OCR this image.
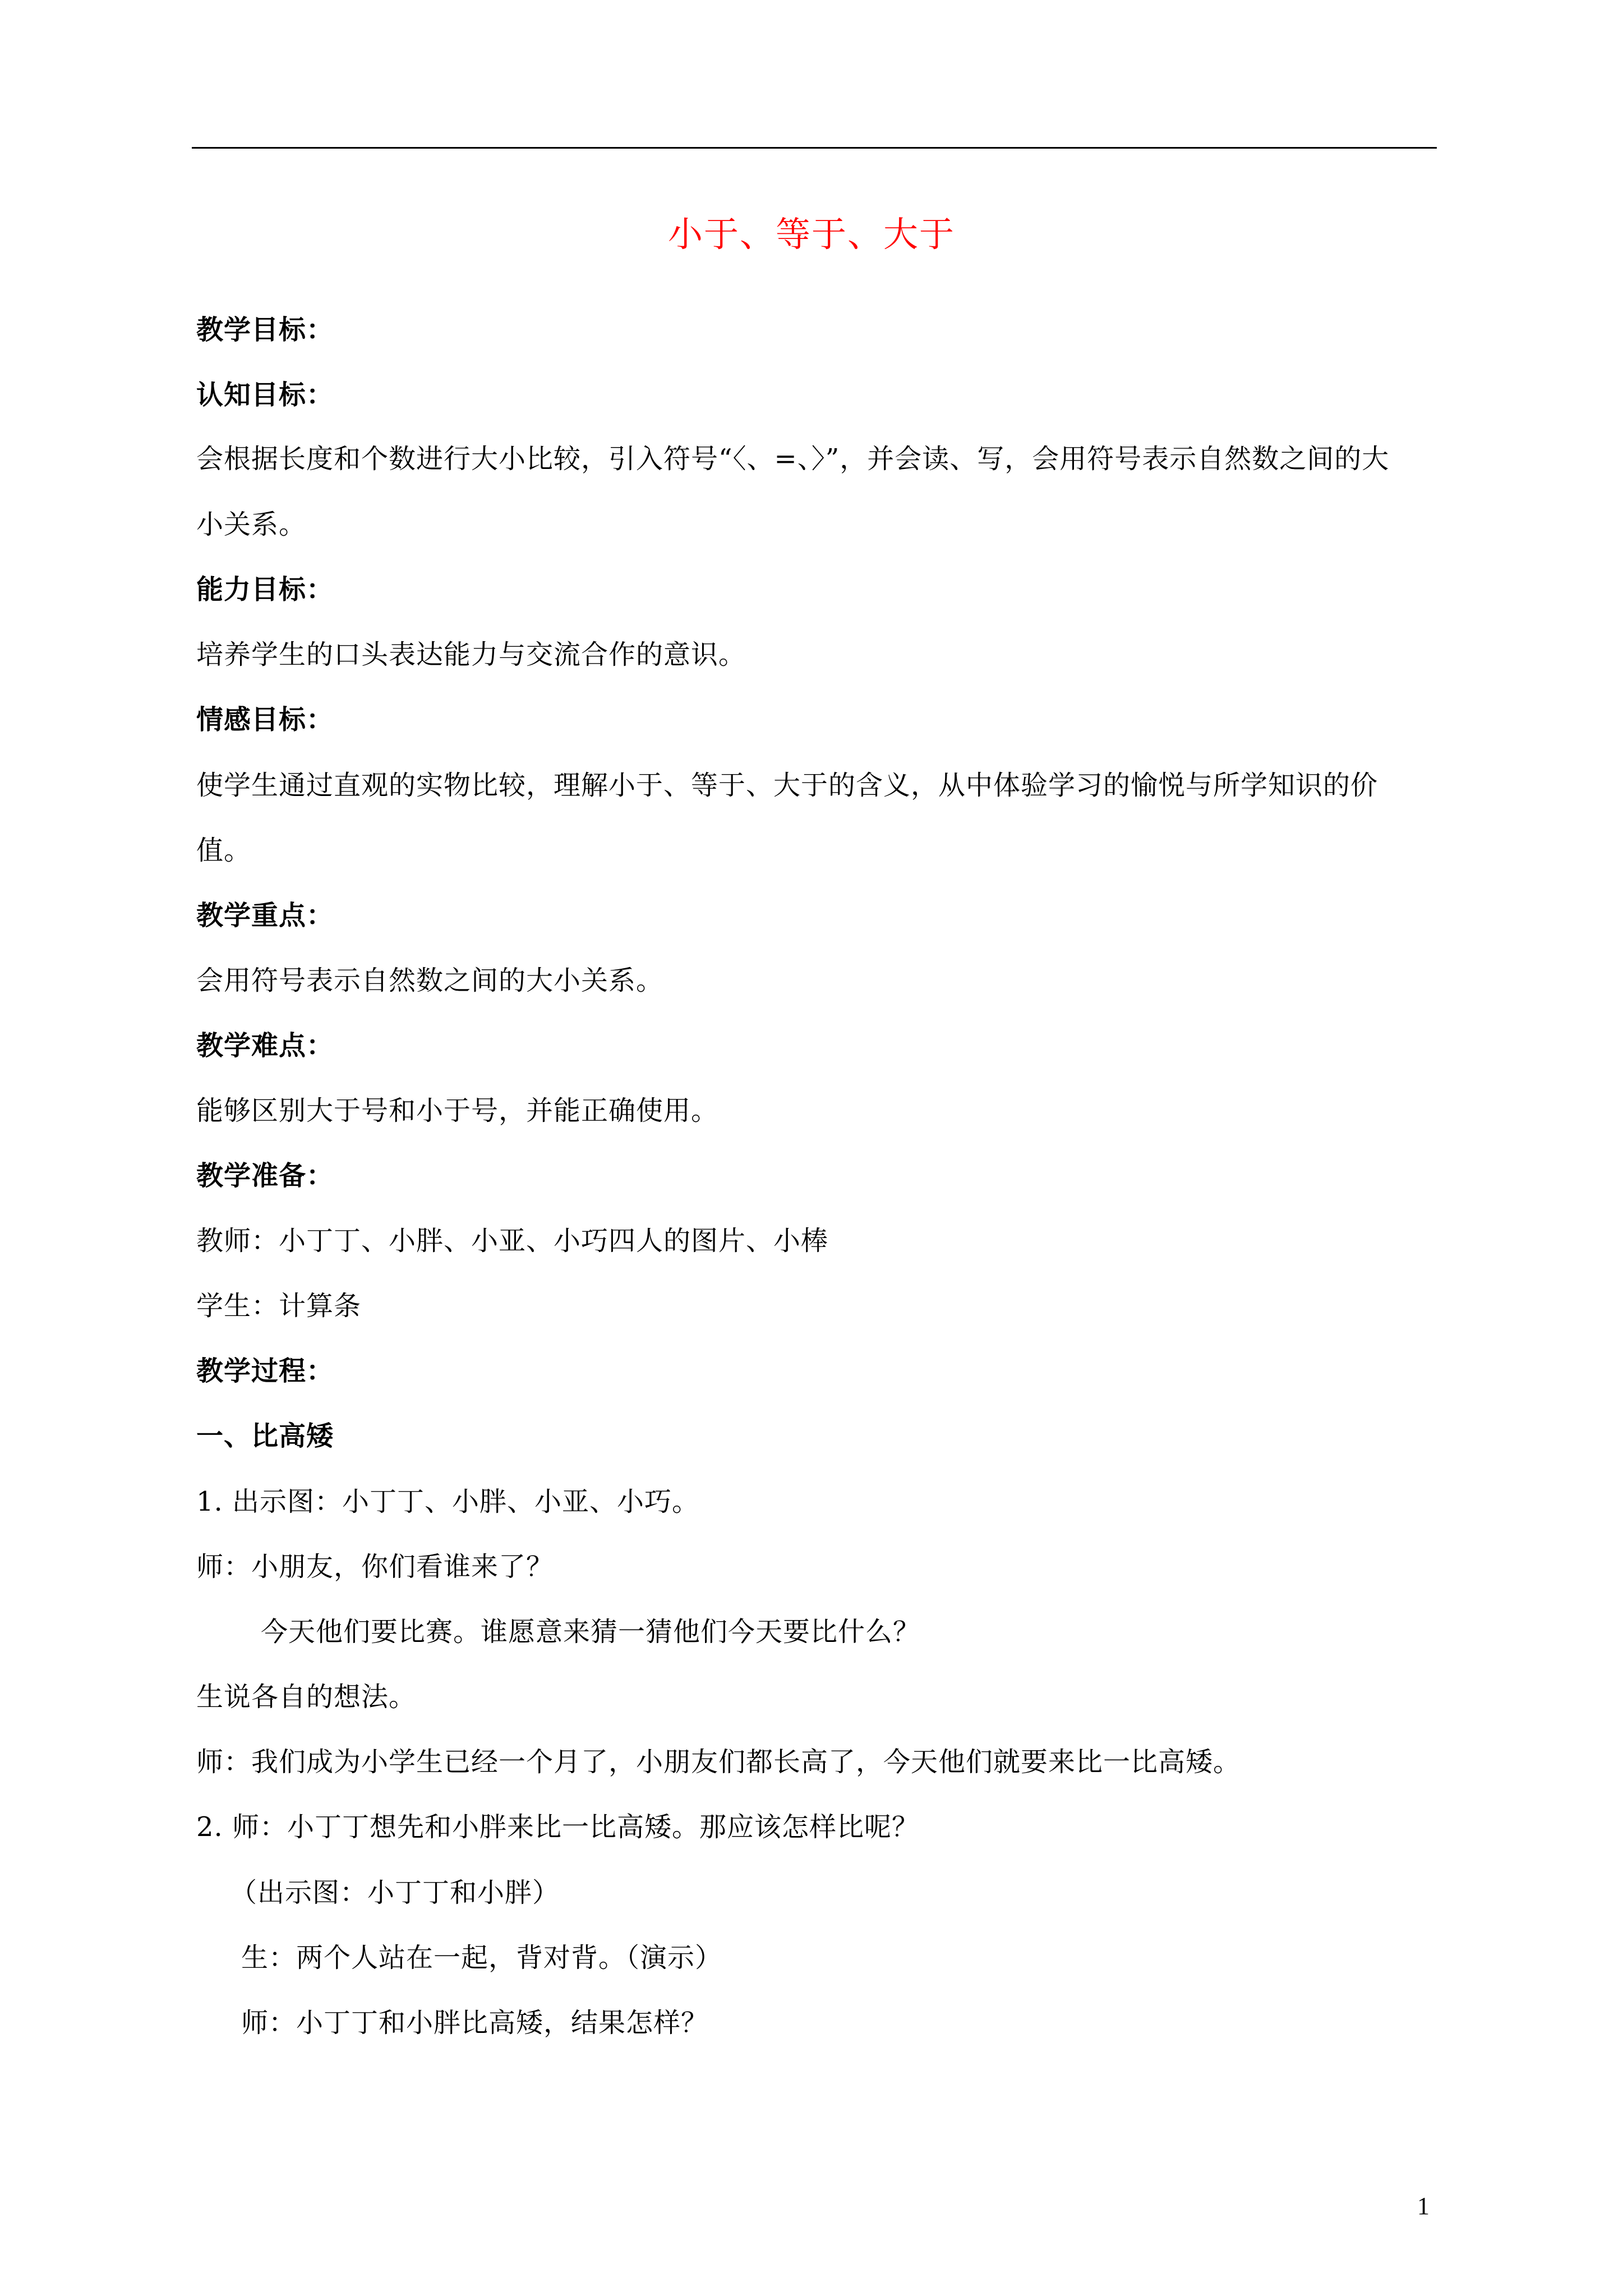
小于、等于、大于
教学目标：
认知目标：
会根据长度和个数进行大小比较，引入符号“〈、=、〉”，并会读、写，会用符号表示自然数之间的大
小关系。
能力目标：
培养学生的口头表达能力与交流合作的意识。
情感目标：
使学生通过直观的实物比较，理解小于、等于、大于的含义，从中体验学习的愉悦与所学知识的价
值。
教学重点：
会用符号表示自然数之间的大小关系。
教学难点：
能够区别大于号和小于号，并能正确使用。
教学准备：
教师：小丁丁、小胖、小亚、小巧四人的图片、小棒
学生：计算条
教学过程：
一、比高矮
1. 出示图：小丁丁、小胖、小亚、小巧。
师：小朋友，你们看谁来了？
今天他们要比赛。谁愿意来猜一猜他们今天要比什么？
生说各自的想法。
师：我们成为小学生已经一个月了，小朋友们都长高了，今天他们就要来比一比高矮。
2. 师：小丁丁想先和小胖来比一比高矮。那应该怎样比呢？
（出示图：小丁丁和小胖）
生：两个人站在一起，背对背。（演示）
师：小丁丁和小胖比高矮，结果怎样？
1
